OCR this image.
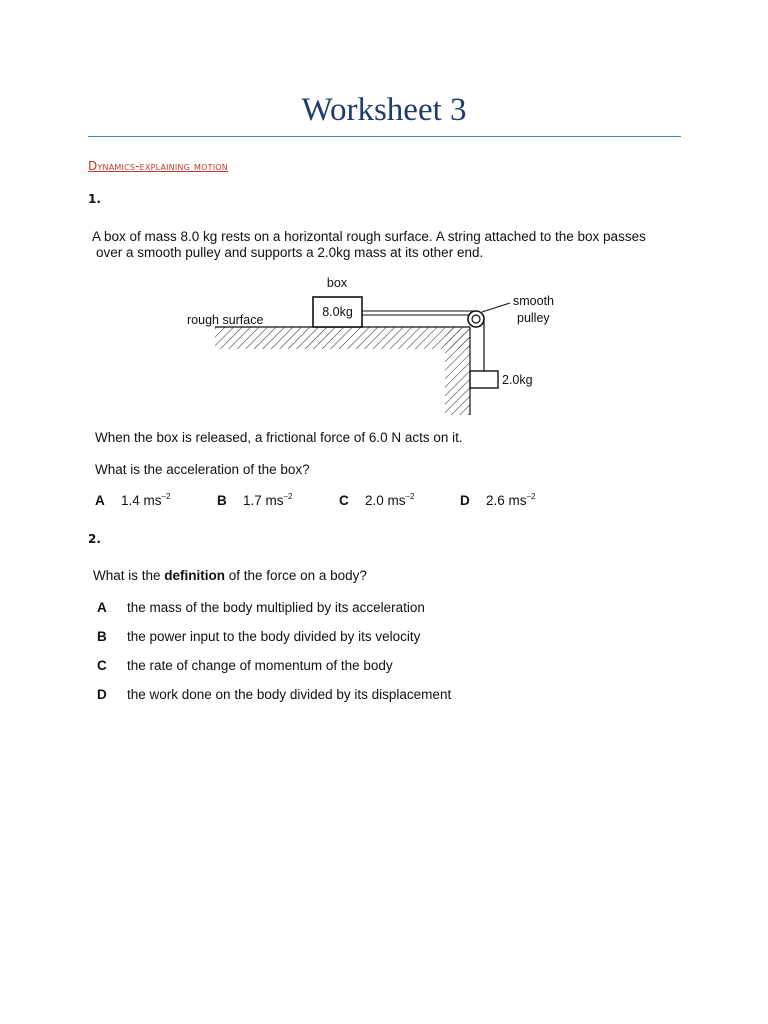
Worksheet 3
Dynamics-explaining motion
1.
A box of mass 8.0 kg rests on a horizontal rough surface. A string attached to the box passes
over a smooth pulley and supports a 2.0kg mass at its other end.
8.0kg
box
2.0kg
smooth
pulley
rough surface
When the box is released, a frictional force of 6.0 N acts on it.
What is the acceleration of the box?
A 1.4 $ms^{-2}$	B 1.7 $ms^{-2}$	C 2.0 $ms^{-2}$	D 2.6 $ms^{-2}$
2.
What is the definition of the force on a body?
A the mass of the body multiplied by its acceleration
B the power input to the body divided by its velocity
C the rate of change of momentum of the body
D the work done on the body divided by its displacement
